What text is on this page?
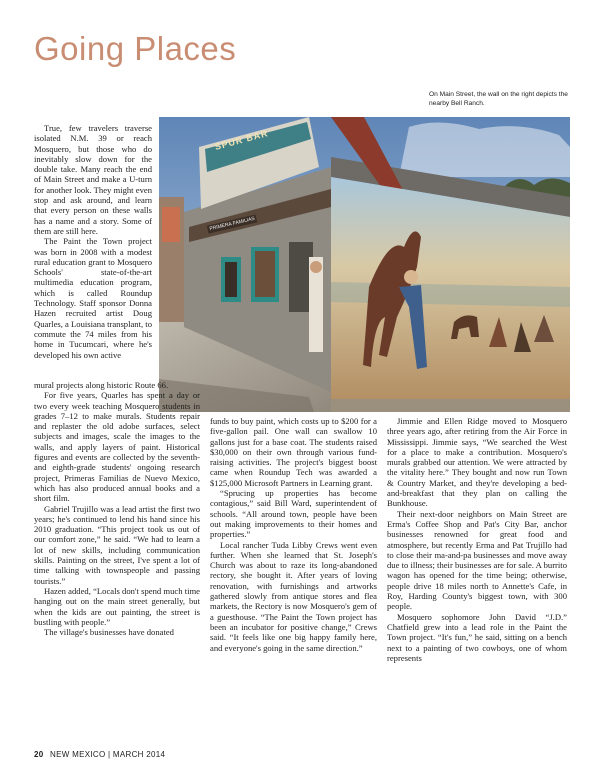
Going Places
On Main Street, the wall on the right depicts the nearby Bell Ranch.
SPUR BAR
PRIMERA FAMILIAS

True, few travelers traverse isolated N.M. 39 or reach Mosquero, but those who do inevitably slow down for the double take. Many reach the end of Main Street and make a U-turn for another look. They might even stop and ask around, and learn that every person on these walls has a name and a story. Some of them are still here.

The Paint the Town project was born in 2008 with a modest rural education grant to Mosquero Schools' state-of-the-art multimedia education program, which is called Roundup Technology. Staff sponsor Donna Hazen recruited artist Doug Quarles, a Louisiana transplant, to commute the 74 miles from his home in Tucumcari, where he's developed his own active

mural projects along historic Route 66.

For five years, Quarles has spent a day or two every week teaching Mosquero students in grades 7–12 to make murals. Students repair and replaster the old adobe surfaces, select subjects and images, scale the images to the walls, and apply layers of paint. Historical figures and events are collected by the seventh- and eighth-grade students' ongoing research project, Primeras Familias de Nuevo Mexico, which has also produced annual books and a short film.

Gabriel Trujillo was a lead artist the first two years; he's continued to lend his hand since his 2010 graduation. “This project took us out of our comfort zone,” he said. “We had to learn a lot of new skills, including communication skills. Painting on the street, I've spent a lot of time talking with townspeople and passing tourists.”

Hazen added, “Locals don't spend much time hanging out on the main street generally, but when the kids are out painting, the street is bustling with people.”

The village's businesses have donated

funds to buy paint, which costs up to $200 for a five-gallon pail. One wall can swallow 10 gallons just for a base coat. The students raised $30,000 on their own through various fund-raising activities. The project's biggest boost came when Roundup Tech was awarded a $125,000 Microsoft Partners in Learning grant.

“Sprucing up properties has become contagious,” said Bill Ward, superintendent of schools. “All around town, people have been out making improvements to their homes and properties.”

Local rancher Tuda Libby Crews went even further. When she learned that St. Joseph's Church was about to raze its long-abandoned rectory, she bought it. After years of loving renovation, with furnishings and artworks gathered slowly from antique stores and flea markets, the Rectory is now Mosquero's gem of a guesthouse. “The Paint the Town project has been an incubator for positive change,” Crews said. “It feels like one big happy family here, and everyone's going in the same direction.”

Jimmie and Ellen Ridge moved to Mosquero three years ago, after retiring from the Air Force in Mississippi. Jimmie says, “We searched the West for a place to make a contribution. Mosquero's murals grabbed our attention. We were attracted by the vitality here.” They bought and now run Town & Country Market, and they're developing a bed-and-breakfast that they plan on calling the Bunkhouse.

Their next-door neighbors on Main Street are Erma's Coffee Shop and Pat's City Bar, anchor businesses renowned for great food and atmosphere, but recently Erma and Pat Trujillo had to close their ma-and-pa businesses and move away due to illness; their businesses are for sale. A burrito wagon has opened for the time being; otherwise, people drive 18 miles north to Annette's Cafe, in Roy, Harding County's biggest town, with 300 people.

Mosquero sophomore John David “J.D.” Chatfield grew into a lead role in the Paint the Town project. “It's fun,” he said, sitting on a bench next to a painting of two cowboys, one of whom represents

20 NEW MEXICO | MARCH 2014
